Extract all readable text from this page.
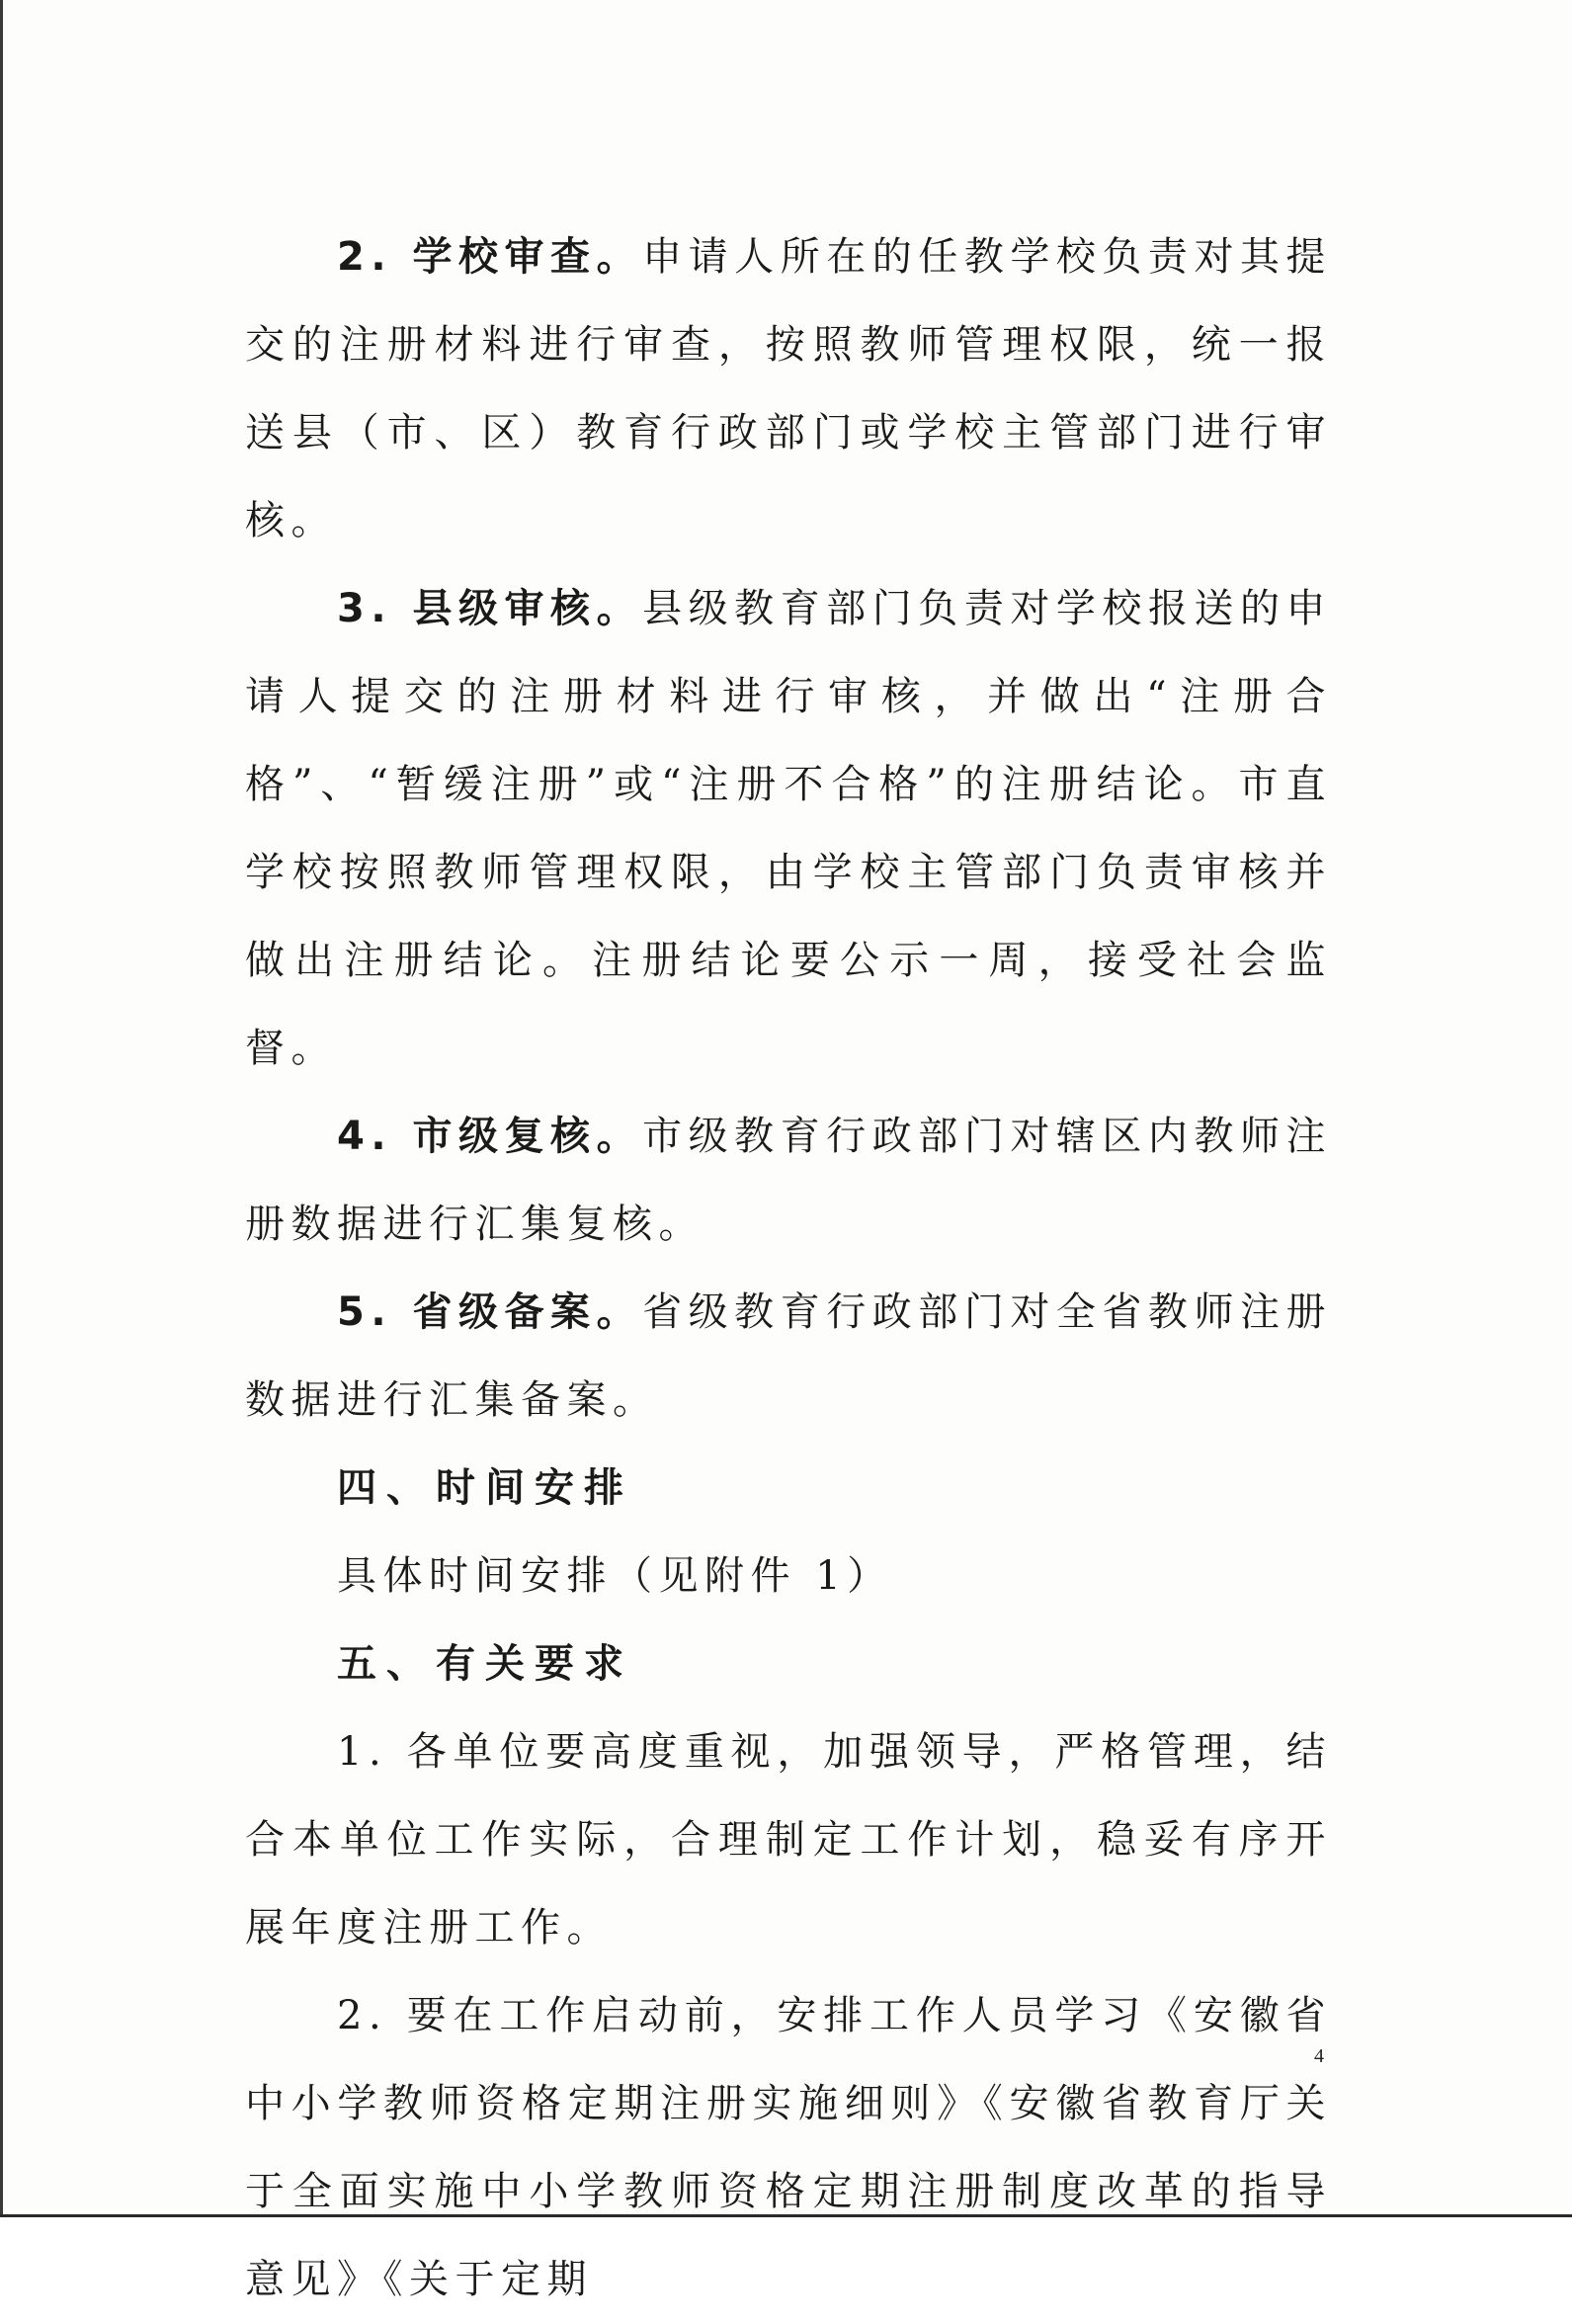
2. 学校审查。申请人所在的任教学校负责对其提交的注册材料进行审查，按照教师管理权限，统一报送县（市、区）教育行政部门或学校主管部门进行审核。

3. 县级审核。县级教育部门负责对学校报送的申请人提交的注册材料进行审核，并做出“注册合格”、“暂缓注册”或“注册不合格”的注册结论。市直学校按照教师管理权限，由学校主管部门负责审核并做出注册结论。注册结论要公示一周，接受社会监督。

4. 市级复核。市级教育行政部门对辖区内教师注册数据进行汇集复核。

5. 省级备案。省级教育行政部门对全省教师注册数据进行汇集备案。

四、时间安排

具体时间安排（见附件 1）

五、有关要求

1. 各单位要高度重视，加强领导，严格管理，结合本单位工作实际，合理制定工作计划，稳妥有序开展年度注册工作。

2. 要在工作启动前，安排工作人员学习《安徽省中小学教师资格定期注册实施细则》《安徽省教育厅关于全面实施中小学教师资格定期注册制度改革的指导意见》《关于定期

4
